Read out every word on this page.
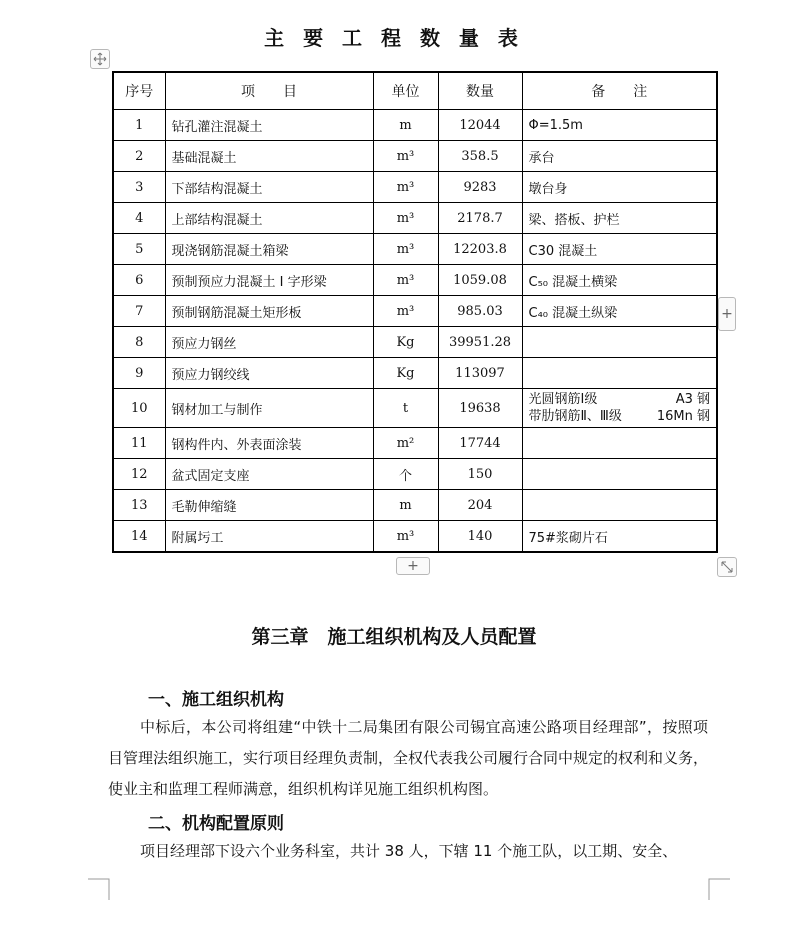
主 要 工 程 数 量 表
序号	项　　目	单位	数量	备　　注
1	钻孔灌注混凝土	m	12044	Φ=1.5m
2	基础混凝土	m³	358.5	承台
3	下部结构混凝土	m³	9283	墩台身
4	上部结构混凝土	m³	2178.7	梁、搭板、护栏
5	现浇钢筋混凝土箱梁	m³	12203.8	C30 混凝土
6	预制预应力混凝土 I 字形梁	m³	1059.08	C₅₀ 混凝土横梁
7	预制钢筋混凝土矩形板	m³	985.03	C₄₀ 混凝土纵梁
8	预应力钢丝	Kg	39951.28	
9	预应力钢绞线	Kg	113097	
10	钢材加工与制作	t	19638	光圆钢筋Ⅰ级 A3 钢
带肋钢筋Ⅱ、Ⅲ级 16Mn 钢

11	钢构件内、外表面涂装	m²	17744	
12	盆式固定支座	个	150	
13	毛勒伸缩缝	m	204	
14	附属圬工	m³	140	75#浆砌片石
+
+
第三章　施工组织机构及人员配置
一、施工组织机构
中标后，本公司将组建“中铁十二局集团有限公司锡宜高速公路项目经理部”，按照项目管理法组织施工，实行项目经理负责制，全权代表我公司履行合同中规定的权利和义务，使业主和监理工程师满意，组织机构详见施工组织机构图。
二、机构配置原则
项目经理部下设六个业务科室，共计 38 人，下辖 11 个施工队，以工期、安全、
